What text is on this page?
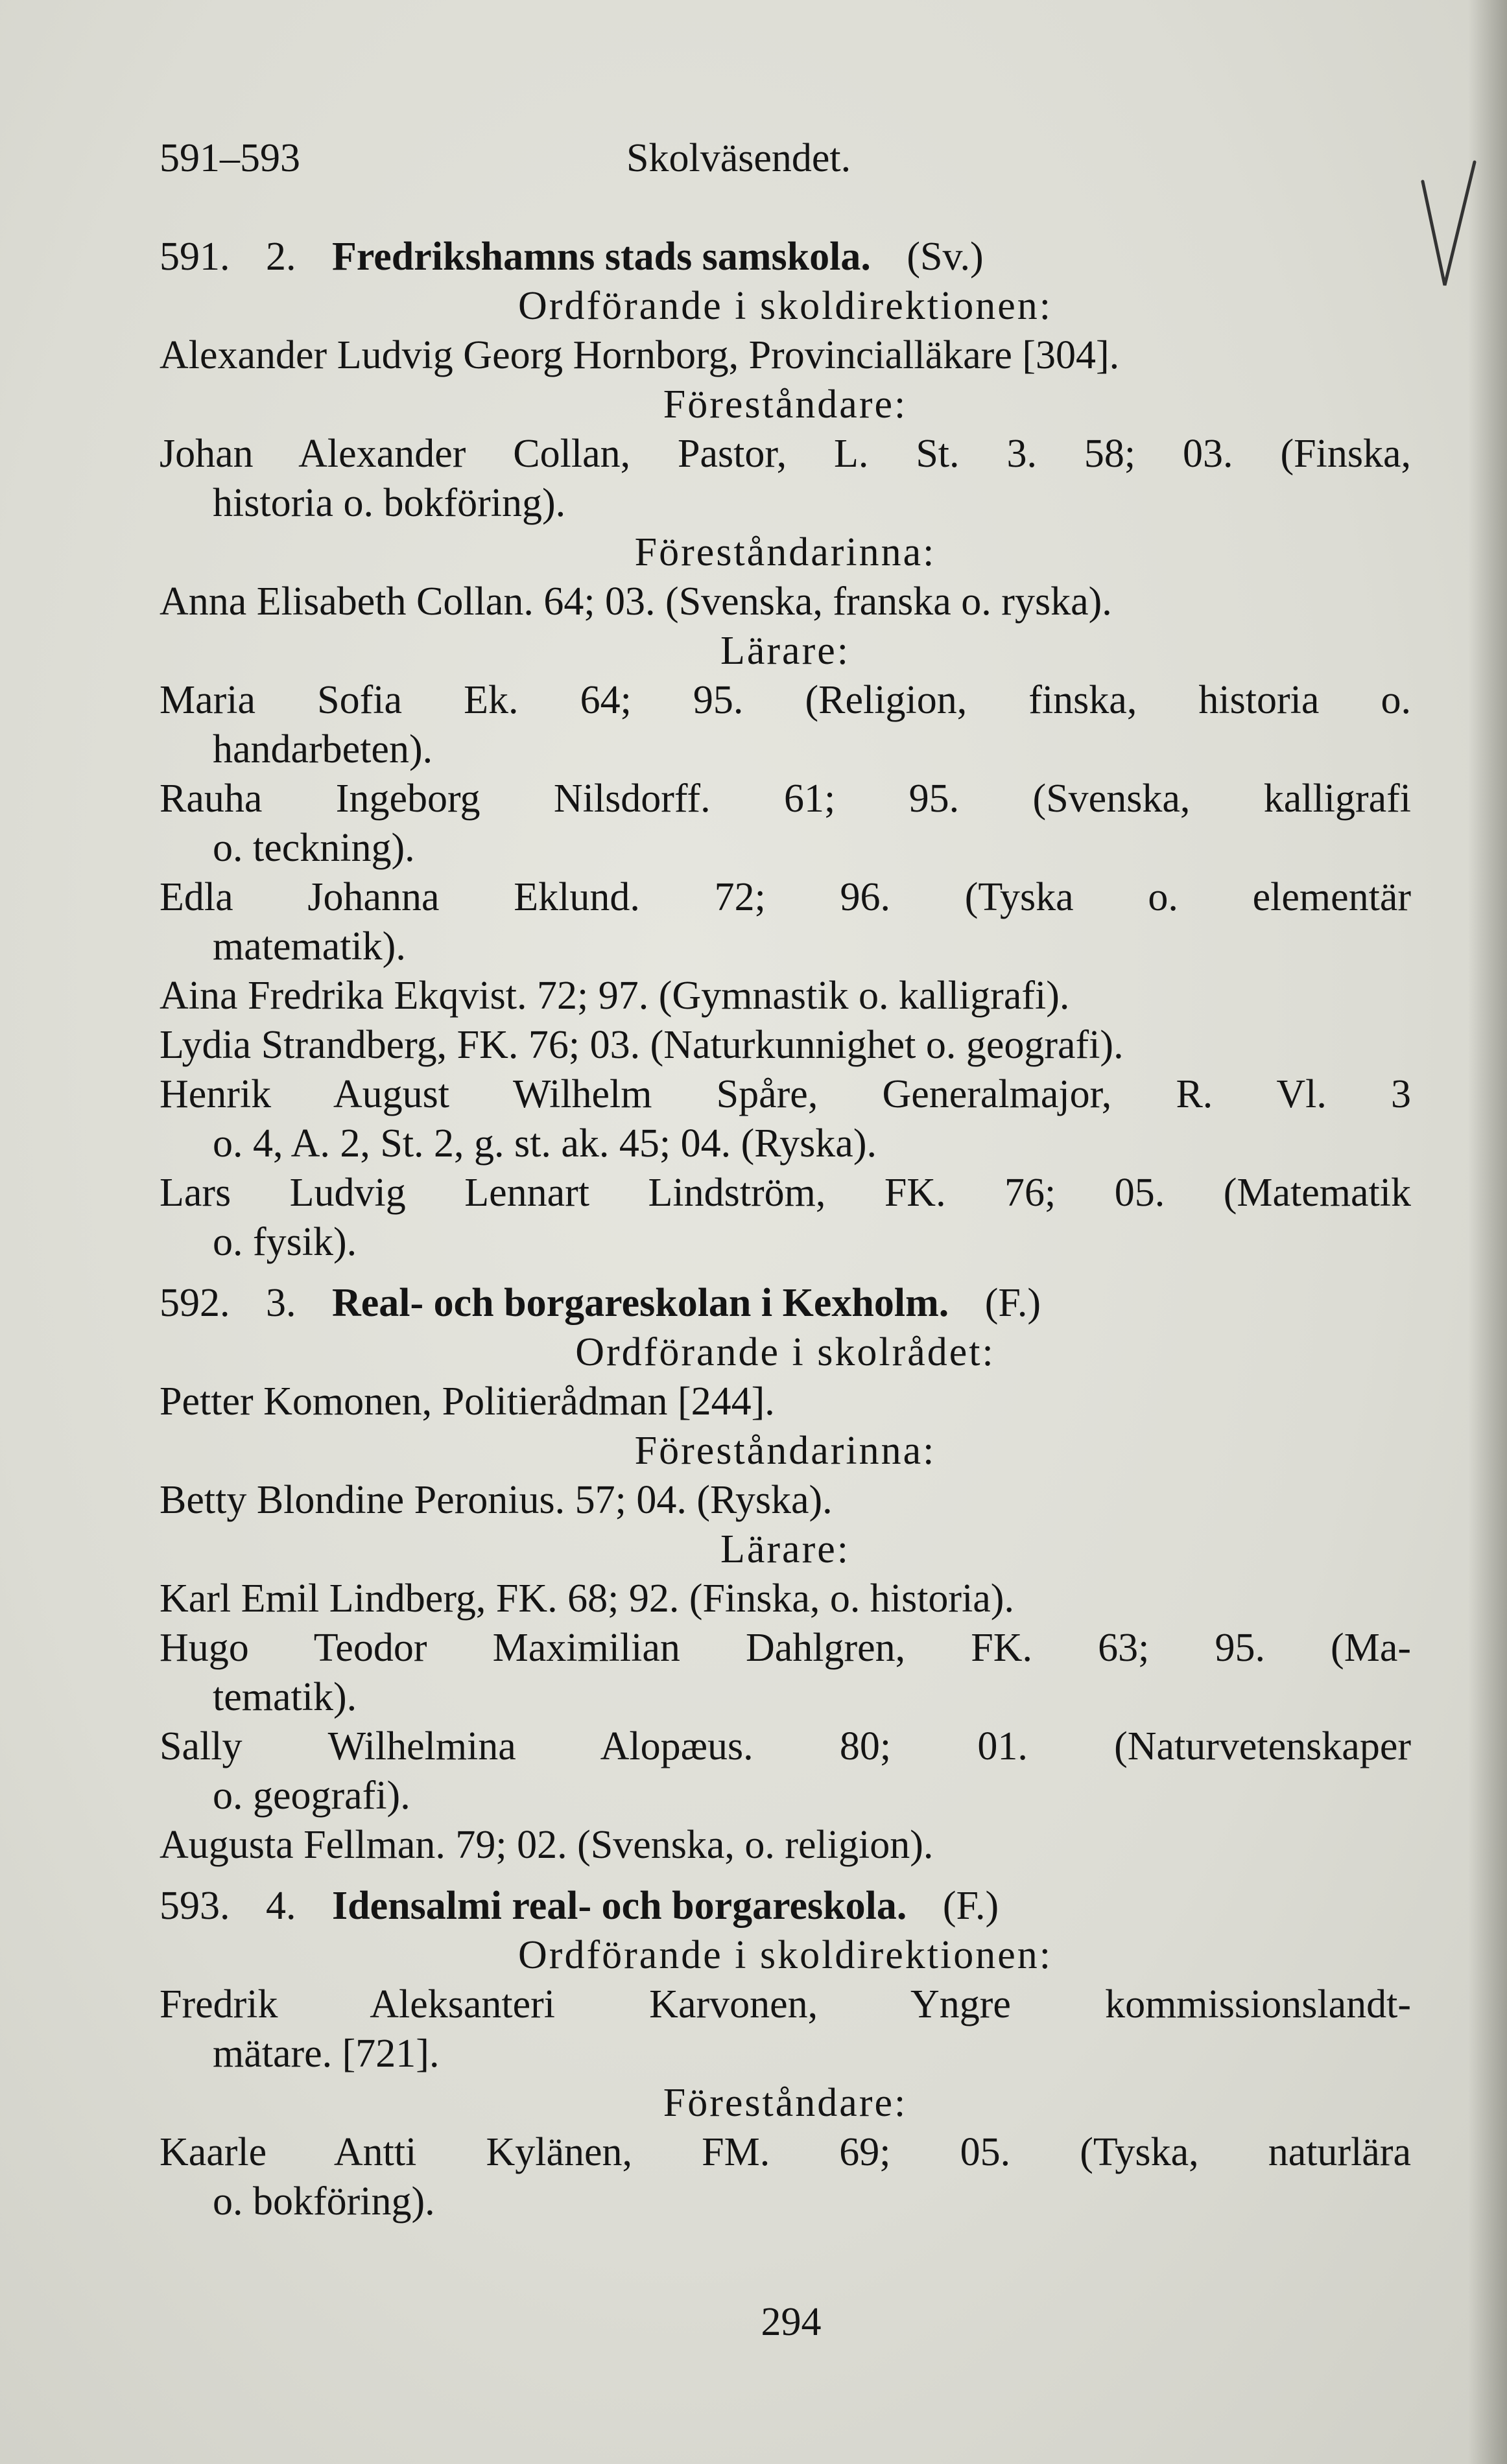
591–593	Skolväsendet.
591. 2. Fredrikshamns stads samskola. (Sv.)
Ordförande i skoldirektionen:
Alexander Ludvig Georg Hornborg, Provincialläkare [304].
Föreståndare:
Johan Alexander Collan, Pastor, L. St. 3. 58; 03. (Finska,
historia o. bokföring).
Föreståndarinna:
Anna Elisabeth Collan. 64; 03. (Svenska, franska o. ryska).
Lärare:
Maria Sofia Ek. 64; 95. (Religion, finska, historia o.
handarbeten).
Rauha Ingeborg Nilsdorff. 61; 95. (Svenska, kalligrafi
o. teckning).
Edla Johanna Eklund. 72; 96. (Tyska o. elementär
matematik).
Aina Fredrika Ekqvist. 72; 97. (Gymnastik o. kalligrafi).
Lydia Strandberg, FK. 76; 03. (Naturkunnighet o. geografi).
Henrik August Wilhelm Spåre, Generalmajor, R. Vl. 3
o. 4, A. 2, St. 2, g. st. ak. 45; 04. (Ryska).
Lars Ludvig Lennart Lindström, FK. 76; 05. (Matematik
o. fysik).
592. 3. Real- och borgareskolan i Kexholm. (F.)
Ordförande i skolrådet:
Petter Komonen, Politierådman [244].
Föreståndarinna:
Betty Blondine Peronius. 57; 04. (Ryska).
Lärare:
Karl Emil Lindberg, FK. 68; 92. (Finska, o. historia).
Hugo Teodor Maximilian Dahlgren, FK. 63; 95. (Ma-
tematik).
Sally Wilhelmina Alopæus. 80; 01. (Naturvetenskaper
o. geografi).
Augusta Fellman. 79; 02. (Svenska, o. religion).
593. 4. Idensalmi real- och borgareskola. (F.)
Ordförande i skoldirektionen:
Fredrik Aleksanteri Karvonen, Yngre kommissionslandt-
mätare. [721].
Föreståndare:
Kaarle Antti Kylänen, FM. 69; 05. (Tyska, naturlära
o. bokföring).
294
